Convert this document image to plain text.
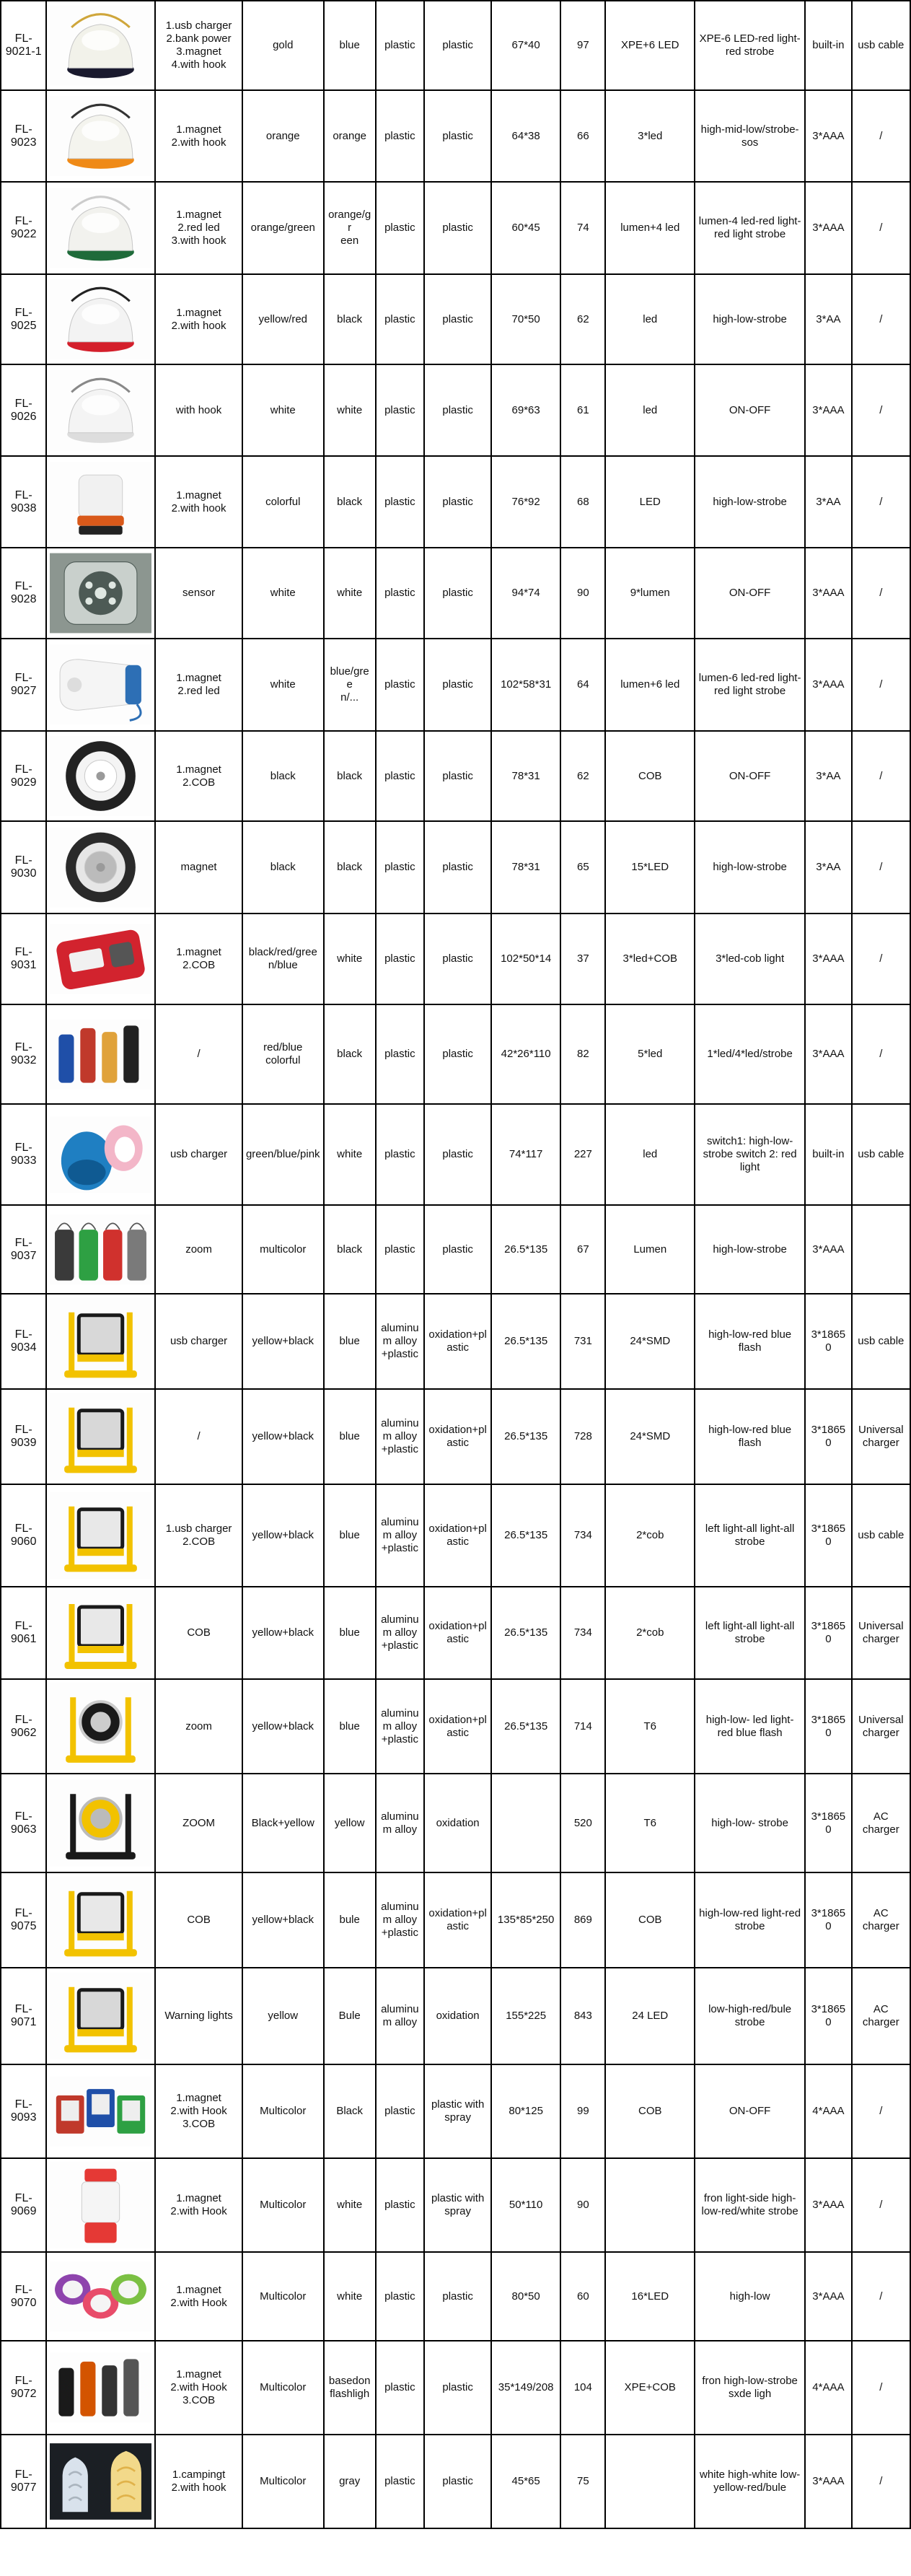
FL-
9021-1		1.usb charger
2.bank power
3.magnet
4.with hook	gold	blue	plastic	plastic	67*40	97	XPE+6 LED	XPE-6 LED-red light-red strobe	built-in	usb cable
FL-
9023		1.magnet
2.with hook	orange	orange	plastic	plastic	64*38	66	3*led	high-mid-low/strobe-sos	3*AAA	/
FL-
9022		1.magnet
2.red led
3.with hook	orange/green	orange/gr
een	plastic	plastic	60*45	74	lumen+4 led	lumen-4 led-red light-red light strobe	3*AAA	/
FL-
9025		1.magnet
2.with hook	yellow/red	black	plastic	plastic	70*50	62	led	high-low-strobe	3*AA	/
FL-
9026		with hook	white	white	plastic	plastic	69*63	61	led	ON-OFF	3*AAA	/
FL-
9038		1.magnet
2.with hook	colorful	black	plastic	plastic	76*92	68	LED	high-low-strobe	3*AA	/
FL-
9028		sensor	white	white	plastic	plastic	94*74	90	9*lumen	ON-OFF	3*AAA	/
FL-
9027		1.magnet
2.red led	white	blue/gree
n/...	plastic	plastic	102*58*31	64	lumen+6 led	lumen-6 led-red light-red light strobe	3*AAA	/
FL-
9029		1.magnet
2.COB	black	black	plastic	plastic	78*31	62	COB	ON-OFF	3*AA	/
FL-
9030		magnet	black	black	plastic	plastic	78*31	65	15*LED	high-low-strobe	3*AA	/
FL-
9031		1.magnet
2.COB	black/red/gree
n/blue	white	plastic	plastic	102*50*14	37	3*led+COB	3*led-cob light	3*AAA	/
FL-
9032		/	red/blue
colorful	black	plastic	plastic	42*26*110	82	5*led	1*led/4*led/strobe	3*AAA	/
FL-
9033		usb charger	green/blue/pink	white	plastic	plastic	74*117	227	led	switch1: high-low-strobe switch 2: red light	built-in	usb cable
FL-
9037		zoom	multicolor	black	plastic	plastic	26.5*135	67	Lumen	high-low-strobe	3*AAA	
FL-9034		usb charger	yellow+black	blue	aluminu
m alloy
+plastic	oxidation+pl
astic	26.5*135	731	24*SMD	high-low-red blue flash	3*18650	usb cable
FL-9039		/	yellow+black	blue	aluminu
m alloy
+plastic	oxidation+pl
astic	26.5*135	728	24*SMD	high-low-red blue flash	3*18650	Universal
charger
FL-9060		1.usb charger
2.COB	yellow+black	blue	aluminu
m alloy
+plastic	oxidation+pl
astic	26.5*135	734	2*cob	left light-all light-all strobe	3*18650	usb cable
FL-9061		COB	yellow+black	blue	aluminu
m alloy
+plastic	oxidation+pl
astic	26.5*135	734	2*cob	left light-all light-all strobe	3*18650	Universal
charger
FL-9062		zoom	yellow+black	blue	aluminu
m alloy
+plastic	oxidation+pl
astic	26.5*135	714	T6	high-low- led light-red blue flash	3*18650	Universal
charger
FL-9063		ZOOM	Black+yellow	yellow	aluminu
m alloy	oxidation		520	T6	high-low- strobe	3*18650	AC
charger
FL-9075		COB	yellow+black	bule	aluminu
m alloy
+plastic	oxidation+pl
astic	135*85*250	869	COB	high-low-red light-red strobe	3*18650	AC
charger
FL-9071		Warning lights	yellow	Bule	aluminu
m alloy	oxidation	155*225	843	24 LED	low-high-red/bule strobe	3*18650	AC
charger
FL-9093		1.magnet
2.with Hook
3.COB	Multicolor	Black	plastic	plastic with
spray	80*125	99	COB	ON-OFF	4*AAA	/
FL-9069		1.magnet
2.with Hook	Multicolor	white	plastic	plastic with
spray	50*110	90		fron light-side high-low-red/white strobe	3*AAA	/
FL-9070		1.magnet
2.with Hook	Multicolor	white	plastic	plastic	80*50	60	16*LED	high-low	3*AAA	/
FL-9072		1.magnet
2.with Hook
3.COB	Multicolor	basedon
flashligh	plastic	plastic	35*149/208	104	XPE+COB	fron high-low-strobe sxde ligh	4*AAA	/
FL-9077		1.campingt
2.with hook	Multicolor	gray	plastic	plastic	45*65	75		white high-white low-yellow-red/bule	3*AAA	/
